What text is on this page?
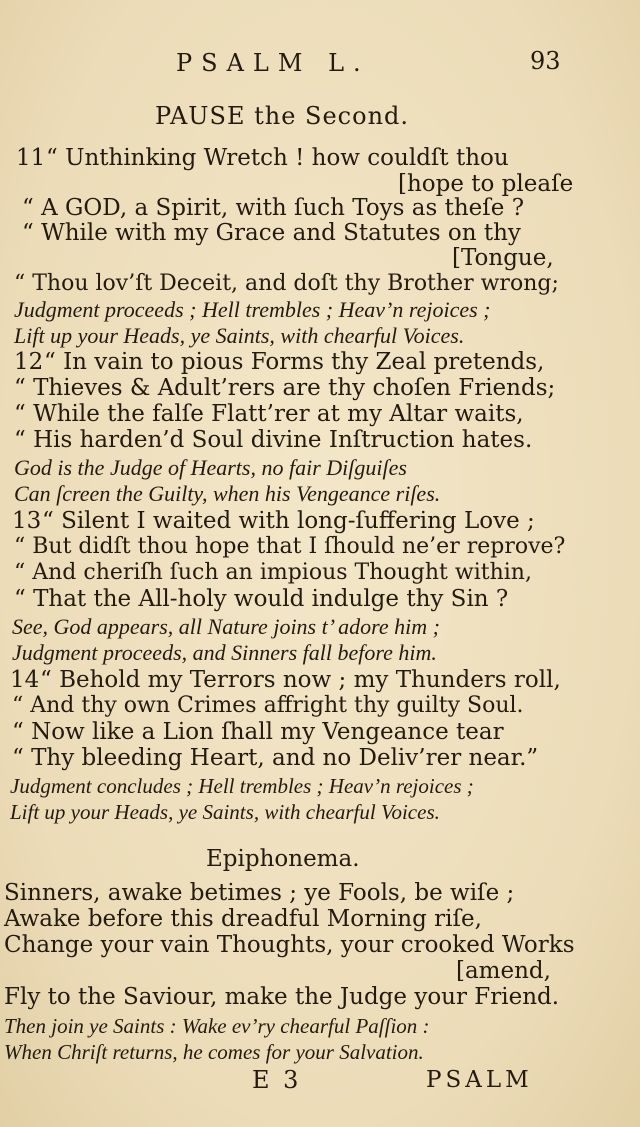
PSALM L.	93
PAUSE the Second.
11“ Unthinking Wretch ! how couldſt thou
[hope to pleaſe
“ A GOD, a Spirit, with ſuch Toys as theſe ?
“ While with my Grace and Statutes on thy
[Tongue,
“ Thou lov’ſt Deceit, and doſt thy Brother wrong;
Judgment proceeds ; Hell trembles ; Heav’n rejoices ;
Lift up your Heads, ye Saints, with chearful Voices.
12“ In vain to pious Forms thy Zeal pretends,
“ Thieves & Adult’rers are thy choſen Friends;
“ While the falſe Flatt’rer at my Altar waits,
“ His harden’d Soul divine Inſtruction hates.
God is the Judge of Hearts, no fair Diſguiſes
Can ſcreen the Guilty, when his Vengeance riſes.
13“ Silent I waited with long-ſuffering Love ;
“ But didſt thou hope that I ſhould ne’er reprove?
“ And cheriſh ſuch an impious Thought within,
“ That the All-holy would indulge thy Sin ?
See, God appears, all Nature joins t’ adore him ;
Judgment proceeds, and Sinners fall before him.
14“ Behold my Terrors now ; my Thunders roll,
“ And thy own Crimes affright thy guilty Soul.
“ Now like a Lion ſhall my Vengeance tear
“ Thy bleeding Heart, and no Deliv’rer near.”
Judgment concludes ; Hell trembles ; Heav’n rejoices ;
Lift up your Heads, ye Saints, with chearful Voices.
Epiphonema.
Sinners, awake betimes ; ye Fools, be wiſe ;
Awake before this dreadful Morning riſe,
Change your vain Thoughts, your crooked Works
[amend,
Fly to the Saviour, make the Judge your Friend.
Then join ye Saints : Wake ev’ry chearful Paſſion :
When Chriſt returns, he comes for your Salvation.
E 3	PSALM
